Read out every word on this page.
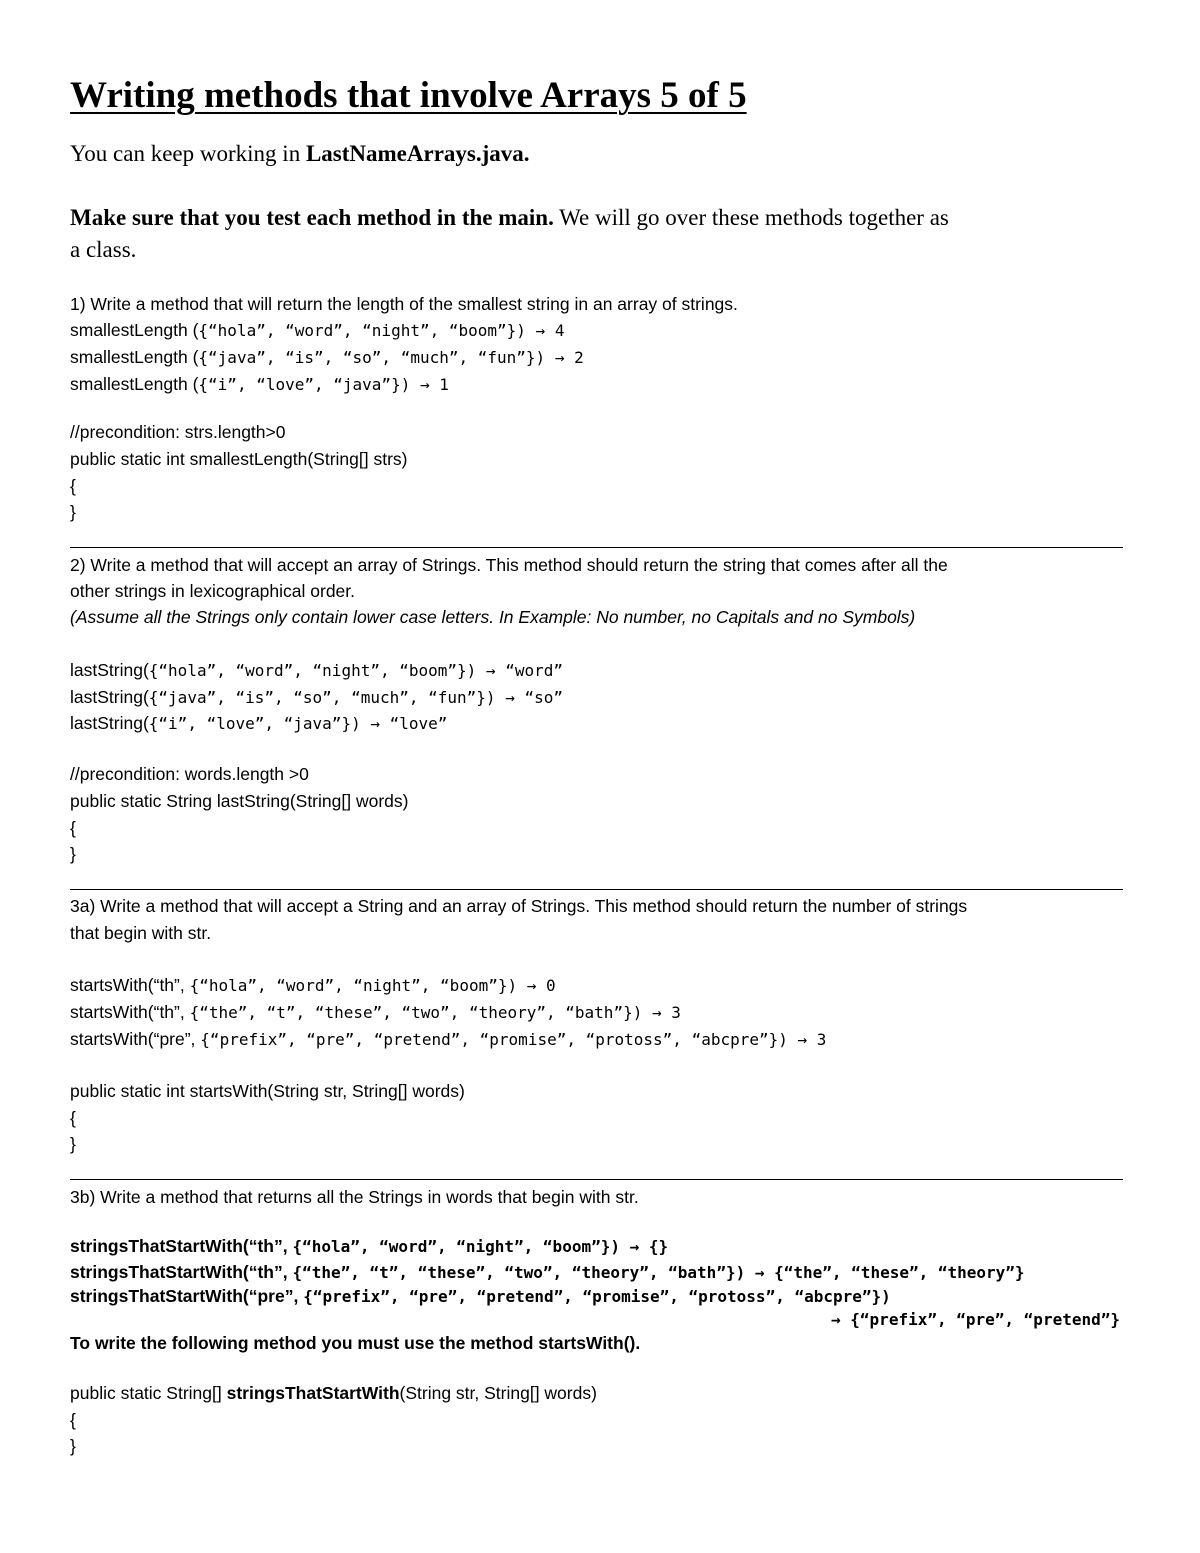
Writing methods that involve Arrays 5 of 5
You can keep working in LastNameArrays.java.
Make sure that you test each method in the main. We will go over these methods together as
a class.
1) Write a method that will return the length of the smallest string in an array of strings.
smallestLength ({“hola”, “word”, “night”, “boom”}) → 4
smallestLength ({“java”, “is”, “so”, “much”, “fun”}) → 2
smallestLength ({“i”, “love”, “java”}) → 1
//precondition: strs.length>0
public static int smallestLength(String[] strs)
{
}
2) Write a method that will accept an array of Strings. This method should return the string that comes after all the
other strings in lexicographical order.
(Assume all the Strings only contain lower case letters. In Example: No number, no Capitals and no Symbols)
lastString({“hola”, “word”, “night”, “boom”}) → “word”
lastString({“java”, “is”, “so”, “much”, “fun”}) → “so”
lastString({“i”, “love”, “java”}) → “love”
//precondition: words.length >0
public static String lastString(String[] words)
{
}
3a) Write a method that will accept a String and an array of Strings. This method should return the number of strings
that begin with str.
startsWith(“th”, {“hola”, “word”, “night”, “boom”}) → 0
startsWith(“th”, {“the”, “t”, “these”, “two”, “theory”, “bath”}) → 3
startsWith(“pre”, {“prefix”, “pre”, “pretend”, “promise”, “protoss”, “abcpre”}) → 3
public static int startsWith(String str, String[] words)
{
}
3b) Write a method that returns all the Strings in words that begin with str.
stringsThatStartWith(“th”, {“hola”, “word”, “night”, “boom”}) → {}
stringsThatStartWith(“th”, {“the”, “t”, “these”, “two”, “theory”, “bath”}) → {“the”, “these”, “theory”}
stringsThatStartWith(“pre”, {“prefix”, “pre”, “pretend”, “promise”, “protoss”, “abcpre”})
→ {“prefix”, “pre”, “pretend”}
To write the following method you must use the method startsWith().
public static String[] stringsThatStartWith(String str, String[] words)
{
}
